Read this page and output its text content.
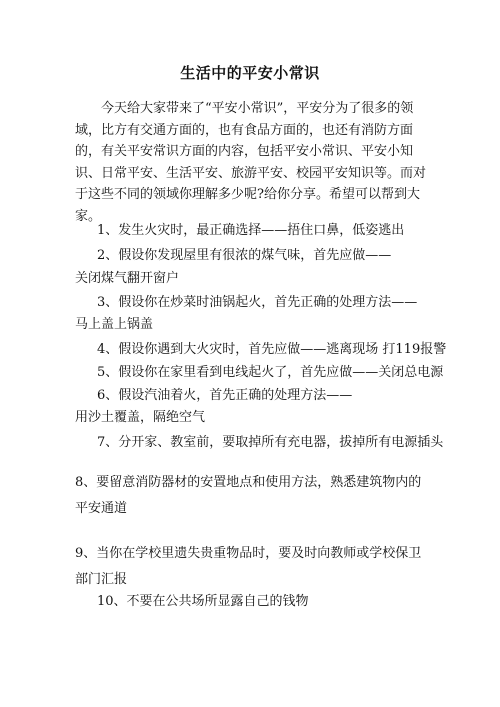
生活中的平安小常识
今天给大家带来了“平安小常识”，平安分为了很多的领域，比方有交通方面的，也有食品方面的，也还有消防方面的，有关平安常识方面的内容，包括平安小常识、平安小知识、日常平安、生活平安、旅游平安、校园平安知识等。而对于这些不同的领域你理解多少呢?给你分享。希望可以帮到大家。
1、发生火灾时，最正确选择——捂住口鼻，低姿逃出
2、假设你发现屋里有很浓的煤气味，首先应做——
关闭煤气翻开窗户
3、假设你在炒菜时油锅起火，首先正确的处理方法——
马上盖上锅盖
4、假设你遇到大火灾时，首先应做——逃离现场 打119报警
5、假设你在家里看到电线起火了，首先应做——关闭总电源
6、假设汽油着火，首先正确的处理方法——
用沙土覆盖，隔绝空气
7、分开家、教室前，要取掉所有充电器，拔掉所有电源插头
8、要留意消防器材的安置地点和使用方法，熟悉建筑物内的平安通道
9、当你在学校里遗失贵重物品时，要及时向教师或学校保卫部门汇报
10、不要在公共场所显露自己的钱物
